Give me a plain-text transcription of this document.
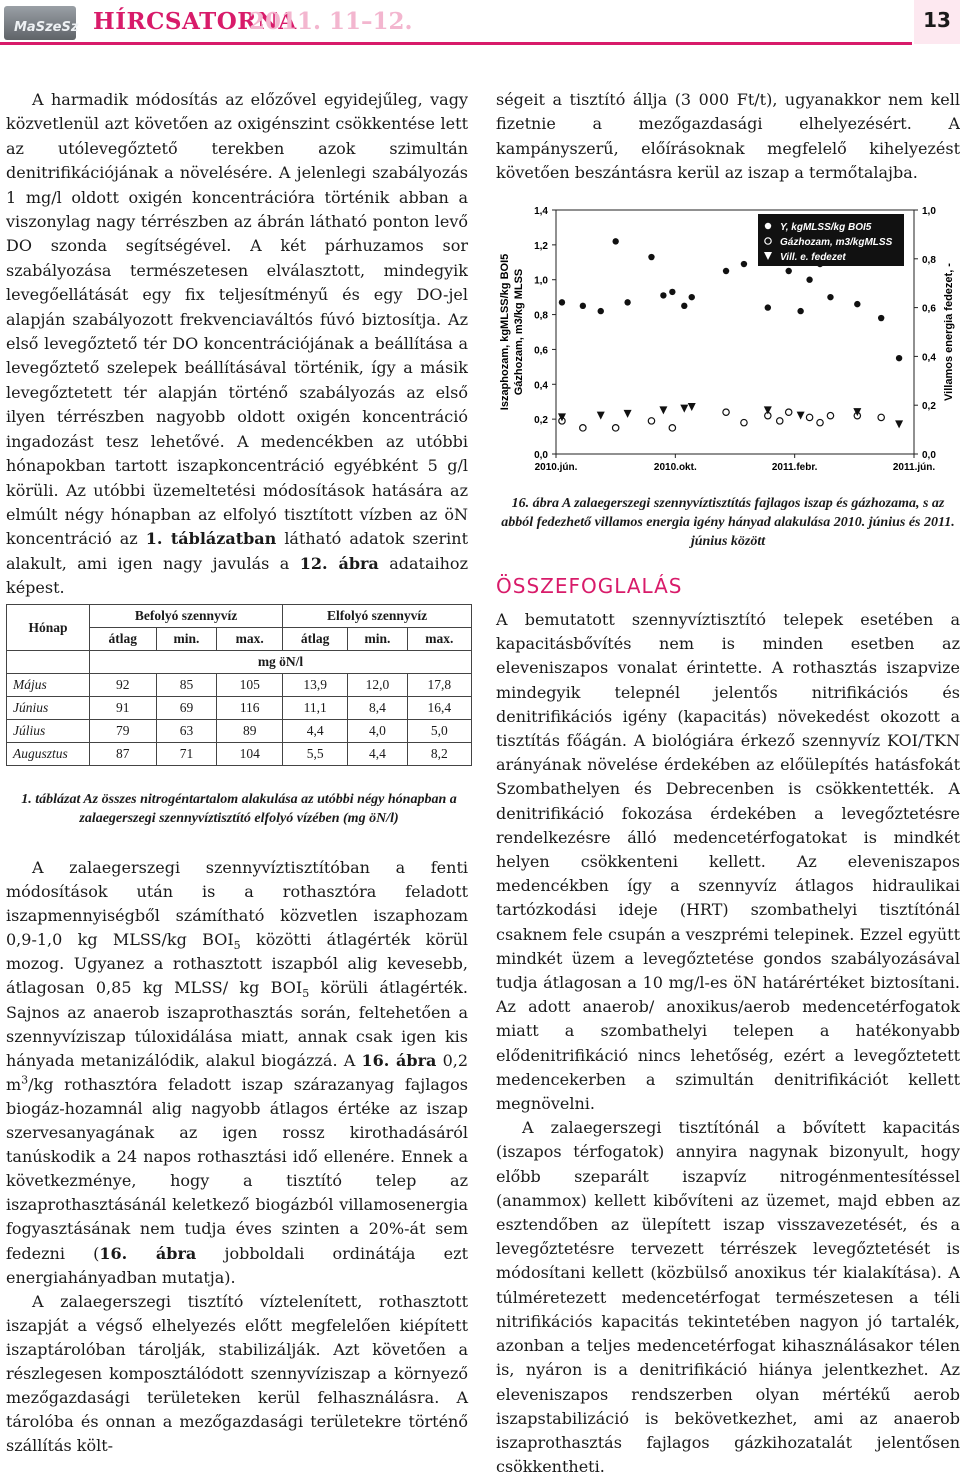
MaSzeSz HÍRCSATORNA
2011. 11–12.	13

A harmadik módosítás az előzővel egyidejűleg, vagy közvetlenül azt követően az oxigénszint csökkentése lett az utólevegőztető terekben azok szimultán denitrifikációjának a növelésére. A jelenlegi szabályozás 1 mg/l oldott oxigén koncentrációra történik abban a viszonylag nagy térrészben az ábrán látható ponton levő DO szonda segítségével. A két párhuzamos sor szabályozása természetesen elválasztott, mindegyik levegőellátását egy fix teljesítményű és egy DO-jel alapján szabályozott frekvenciaváltós fúvó biztosítja. Az első levegőztető tér DO koncentrációjának a beállítása a levegőztető szelepek beállításával történik, így a másik levegőztetett tér alapján történő szabályozás az első ilyen térrészben nagyobb oldott oxigén koncentráció ingadozást tesz lehetővé. A medencékben az utóbbi hónapokban tartott iszapkoncentráció egyébként 5 g/l körüli. Az utóbbi üzemeltetési módosítások hatására az elmúlt négy hónapban az elfolyó tisztított vízben az öN koncentráció az 1. táblázatban látható adatok szerint alakult, ami igen nagy javulás a 12. ábra adataihoz képest.

Hónap	Befolyó szennyvíz			Elfolyó szennyvíz		
	átlag	min.	max.	átlag	min.	max.
	mg öN/l					
Május	92	85	105	13,9	12,0	17,8
Június	91	69	116	11,1	8,4	16,4
Július	79	63	89	4,4	4,0	5,0
Augusztus	87	71	104	5,5	4,4	8,2
1. táblázat Az összes nitrogéntartalom alakulása az utóbbi négy hónapban a zalaegerszegi szennyvíztisztító elfolyó vízében (mg öN/l)

A zalaegerszegi szennyvíztisztítóban a fenti módosítások után is a rothasztóra feladott iszapmennyiségből számítható közvetlen iszaphozam 0,9-1,0 kg MLSS/kg $BOI_5$ közötti átlagérték körül mozog. Ugyanez a rothasztott iszapból alig kevesebb, átlagosan 0,85 kg MLSS/ kg $BOI_5$ körüli átlagérték. Sajnos az anaerob iszaprothasztás során, feltehetően a szennyvíziszap túloxidálása miatt, annak csak igen kis hányada metanizálódik, alakul biogázzá. A 16. ábra 0,2 $m^3/kg$ rothasztóra feladott iszap szárazanyag fajlagos biogáz-hozamnál alig nagyobb átlagos értéke az iszap szervesanyagának az igen rossz kirothadásáról tanúskodik a 24 napos rothasztási idő ellenére. Ennek a következménye, hogy a tisztító telep az iszaprothasztásánál keletkező biogázból villamosenergia fogyasztásának nem tudja éves szinten a 20%-át sem fedezni (16. ábra jobboldali ordinátája ezt energiahányadban mutatja).

A zalaegerszegi tisztító víztelenített, rothasztott iszapját a végső elhelyezés előtt megfelelően kiépített iszaptárolóban tárolják, stabilizálják. Azt követően a részlegesen komposztálódott szennyvíziszap a környező mezőgazdasági területeken kerül felhasználásra. A tárolóba és onnan a mezőgazdasági területekre történő szállítás költ-

ségeit a tisztító állja (3 000 Ft/t), ugyanakkor nem kell fizetnie a mezőgazdasági elhelyezésért. A kampányszerű, előírásoknak megfelelő kihelyezést követően beszántásra kerül az iszap a termőtalajba.

0,0
0,2
0,4
0,6
0,8
1,0
1,2
1,4
0,0
0,2
0,4
0,6
0,8
1,0
2010.jún.	2010.okt.	2011.febr.	2011.jún.
Iszaphozam, kgMLSS/kg BOI5 Gázhozam, m3/kg MLSS	Villamos energia fedezet, -
Y, kgMLSS/kg BOI5
Gázhozam, m3/kgMLSS
Vill. e. fedezet
16. ábra A zalaegerszegi szennyvíztisztítás fajlagos iszap és gázhozama, s az abból fedezhető villamos energia igény hányad alakulása 2010. június és 2011. június között
ÖSSZEFOGLALÁS

A bemutatott szennyvíztisztító telepek esetében a kapacitásbővítés nem is minden esetben az eleveniszapos vonalat érintette. A rothasztás iszapvize mindegyik telepnél jelentős nitrifikációs és denitrifikációs igény (kapacitás) növekedést okozott a tisztítás főágán. A biológiára érkező szennyvíz KOI/TKN arányának növelése érdekében az előülepítés hatásfokát Szombathelyen és Debrecenben is csökkentették. A denitrifikáció fokozása érdekében a levegőztetésre rendelkezésre álló medencetérfogatokat is mindkét helyen csökkenteni kellett. Az eleveniszapos medencékben így a szennyvíz átlagos hidraulikai tartózkodási ideje (HRT) szombathelyi tisztítónál csaknem fele csupán a veszprémi telepinek. Ezzel együtt mindkét üzem a levegőztetése gondos szabályozásával tudja átlagosan a 10 mg/l-es öN határértéket biztosítani. Az adott anaerob/ anoxikus/aerob medencetérfogatok miatt a szombathelyi telepen a hatékonyabb elődenitrifikáció nincs lehetőség, ezért a levegőztetett medencekerben a szimultán denitrifikációt kellett megnövelni.

A zalaegerszegi tisztítónál a bővített kapacitás (iszapos térfogatok) annyira nagynak bizonyult, hogy előbb szeparált iszapvíz nitrogénmentesítéssel (anammox) kellett kibővíteni az üzemet, majd ebben az esztendőben az ülepített iszap visszavezetését, és a levegőztetésre tervezett térrészek levegőztetését is módosítani kellett (közbülső anoxikus tér kialakítása). A túlméretezett medencetérfogat természetesen a téli nitrifikációs kapacitás tekintetében nagyon jó tartalék, azonban a teljes medencetérfogat kihasználásakor télen is, nyáron is a denitrifikáció hiánya jelentkezhet. Az eleveniszapos rendszerben olyan mértékű aerob iszapstabilizáció is bekövetkezhet, ami az anaerob iszaprothasztás fajlagos gázkihozatalát jelentősen csökkentheti.
